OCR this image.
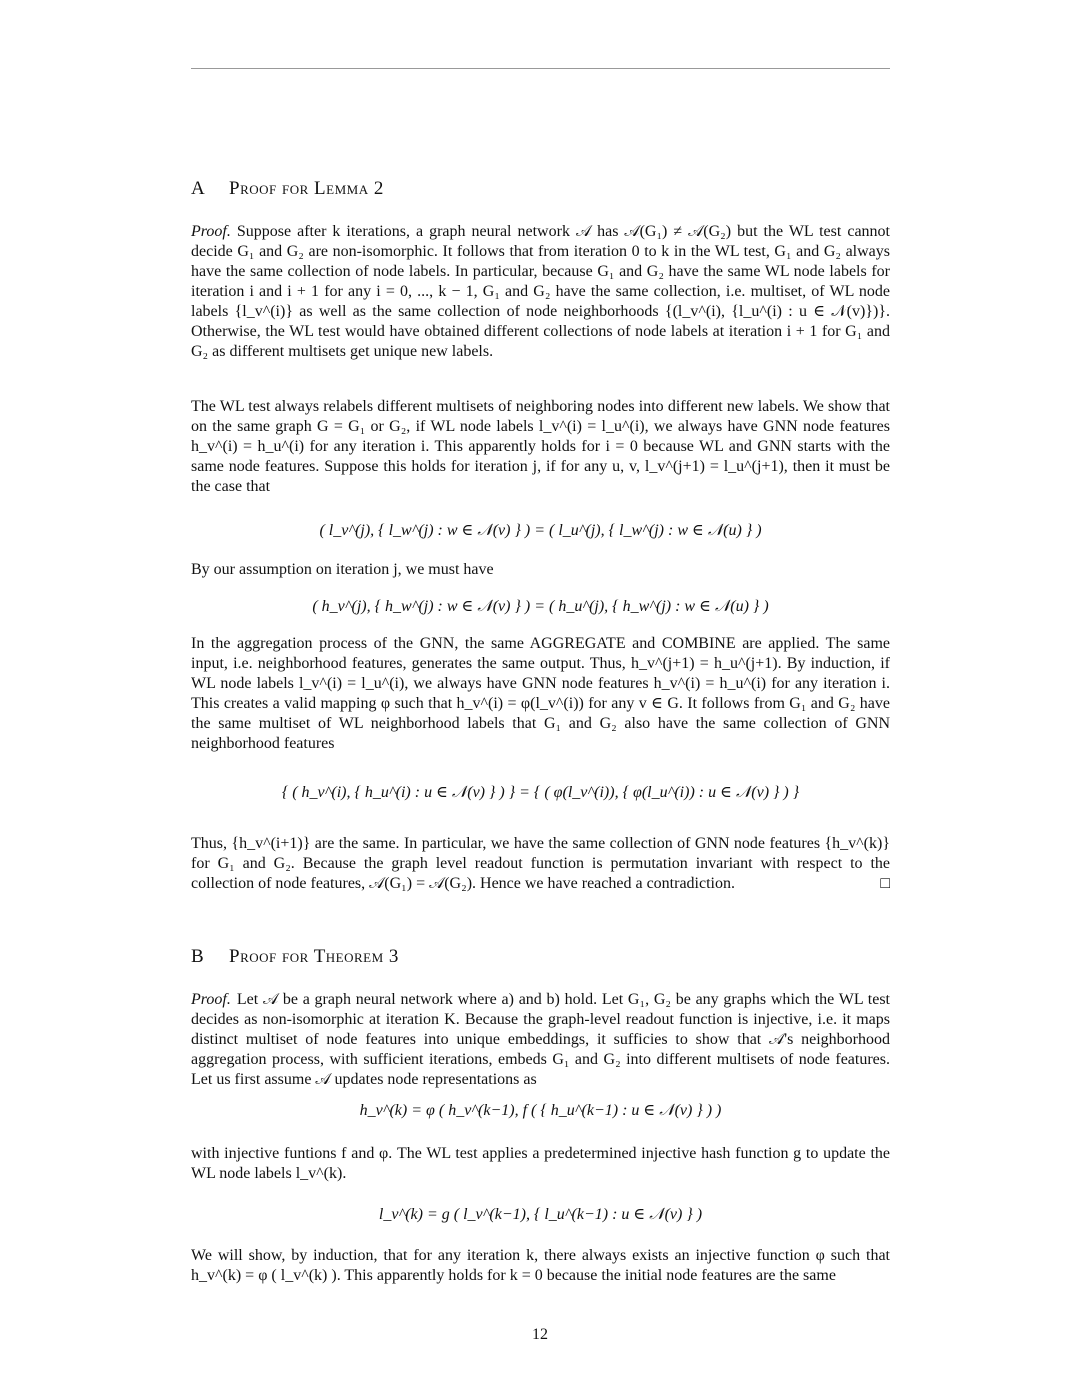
A Proof for Lemma 2

Proof. Suppose after k iterations, a graph neural network 𝒜 has 𝒜(G₁) ≠ 𝒜(G₂) but the WL test cannot decide G₁ and G₂ are non-isomorphic. It follows that from iteration 0 to k in the WL test, G₁ and G₂ always have the same collection of node labels. In particular, because G₁ and G₂ have the same WL node labels for iteration i and i + 1 for any i = 0, ..., k − 1, G₁ and G₂ have the same collection, i.e. multiset, of WL node labels {l_v^(i)} as well as the same collection of node neighborhoods {(l_v^(i), {l_u^(i) : u ∈ 𝒩(v)})}. Otherwise, the WL test would have obtained different collections of node labels at iteration i + 1 for G₁ and G₂ as different multisets get unique new labels.

The WL test always relabels different multisets of neighboring nodes into different new labels. We show that on the same graph G = G₁ or G₂, if WL node labels l_v^(i) = l_u^(i), we always have GNN node features h_v^(i) = h_u^(i) for any iteration i. This apparently holds for i = 0 because WL and GNN starts with the same node features. Suppose this holds for iteration j, if for any u, v, l_v^(j+1) = l_u^(j+1), then it must be the case that

( l_v^(j), { l_w^(j) : w ∈ 𝒩(v) } ) = ( l_u^(j), { l_w^(j) : w ∈ 𝒩(u) } )

By our assumption on iteration j, we must have

( h_v^(j), { h_w^(j) : w ∈ 𝒩(v) } ) = ( h_u^(j), { h_w^(j) : w ∈ 𝒩(u) } )

In the aggregation process of the GNN, the same AGGREGATE and COMBINE are applied. The same input, i.e. neighborhood features, generates the same output. Thus, h_v^(j+1) = h_u^(j+1). By induction, if WL node labels l_v^(i) = l_u^(i), we always have GNN node features h_v^(i) = h_u^(i) for any iteration i. This creates a valid mapping φ such that h_v^(i) = φ(l_v^(i)) for any v ∈ G. It follows from G₁ and G₂ have the same multiset of WL neighborhood labels that G₁ and G₂ also have the same collection of GNN neighborhood features

{ ( h_v^(i), { h_u^(i) : u ∈ 𝒩(v) } ) } = { ( φ(l_v^(i)), { φ(l_u^(i)) : u ∈ 𝒩(v) } ) }

Thus, {h_v^(i+1)} are the same. In particular, we have the same collection of GNN node features {h_v^(k)} for G₁ and G₂. Because the graph level readout function is permutation invariant with respect to the collection of node features, 𝒜(G₁) = 𝒜(G₂). Hence we have reached a contradiction.	□

B Proof for Theorem 3

Proof. Let 𝒜 be a graph neural network where a) and b) hold. Let G₁, G₂ be any graphs which the WL test decides as non-isomorphic at iteration K. Because the graph-level readout function is injective, i.e. it maps distinct multiset of node features into unique embeddings, it sufficies to show that 𝒜's neighborhood aggregation process, with sufficient iterations, embeds G₁ and G₂ into different multisets of node features. Let us first assume 𝒜 updates node representations as

h_v^(k) = φ ( h_v^(k−1), f ( { h_u^(k−1) : u ∈ 𝒩(v) } ) )

with injective funtions f and φ. The WL test applies a predetermined injective hash function g to update the WL node labels l_v^(k).

l_v^(k) = g ( l_v^(k−1), { l_u^(k−1) : u ∈ 𝒩(v) } )

We will show, by induction, that for any iteration k, there always exists an injective function φ such that h_v^(k) = φ ( l_v^(k) ). This apparently holds for k = 0 because the initial node features are the same

12
